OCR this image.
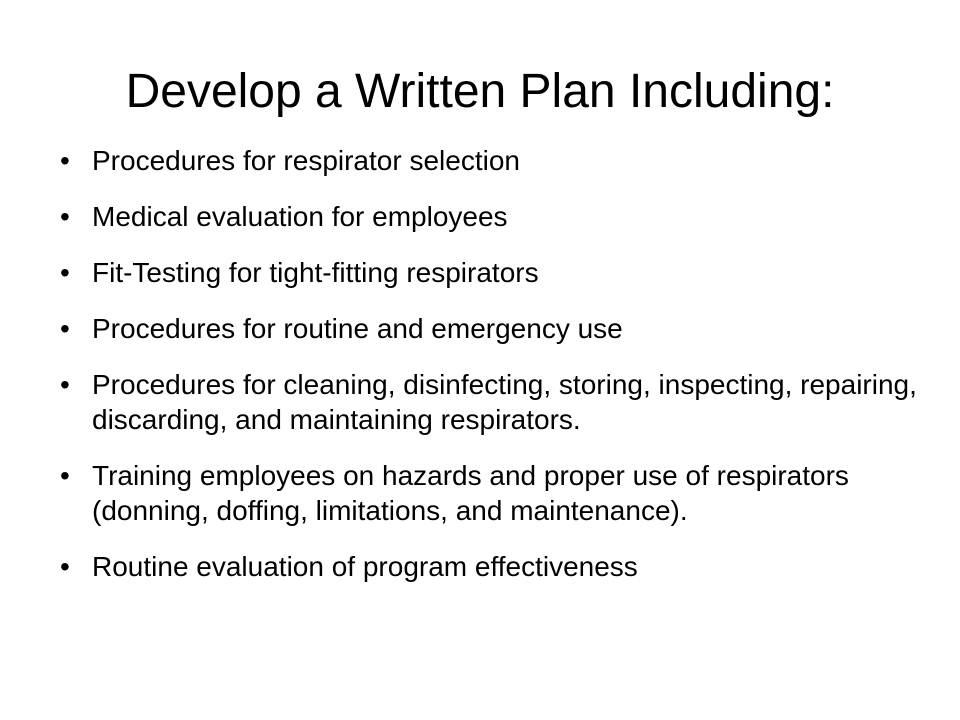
Develop a Written Plan Including:
• Procedures for respirator selection
• Medical evaluation for employees
• Fit-Testing for tight-fitting respirators
• Procedures for routine and emergency use
• Procedures for cleaning, disinfecting, storing, inspecting, repairing, discarding, and maintaining respirators.
• Training employees on hazards and proper use of respirators (donning, doffing, limitations, and maintenance).
• Routine evaluation of program effectiveness
